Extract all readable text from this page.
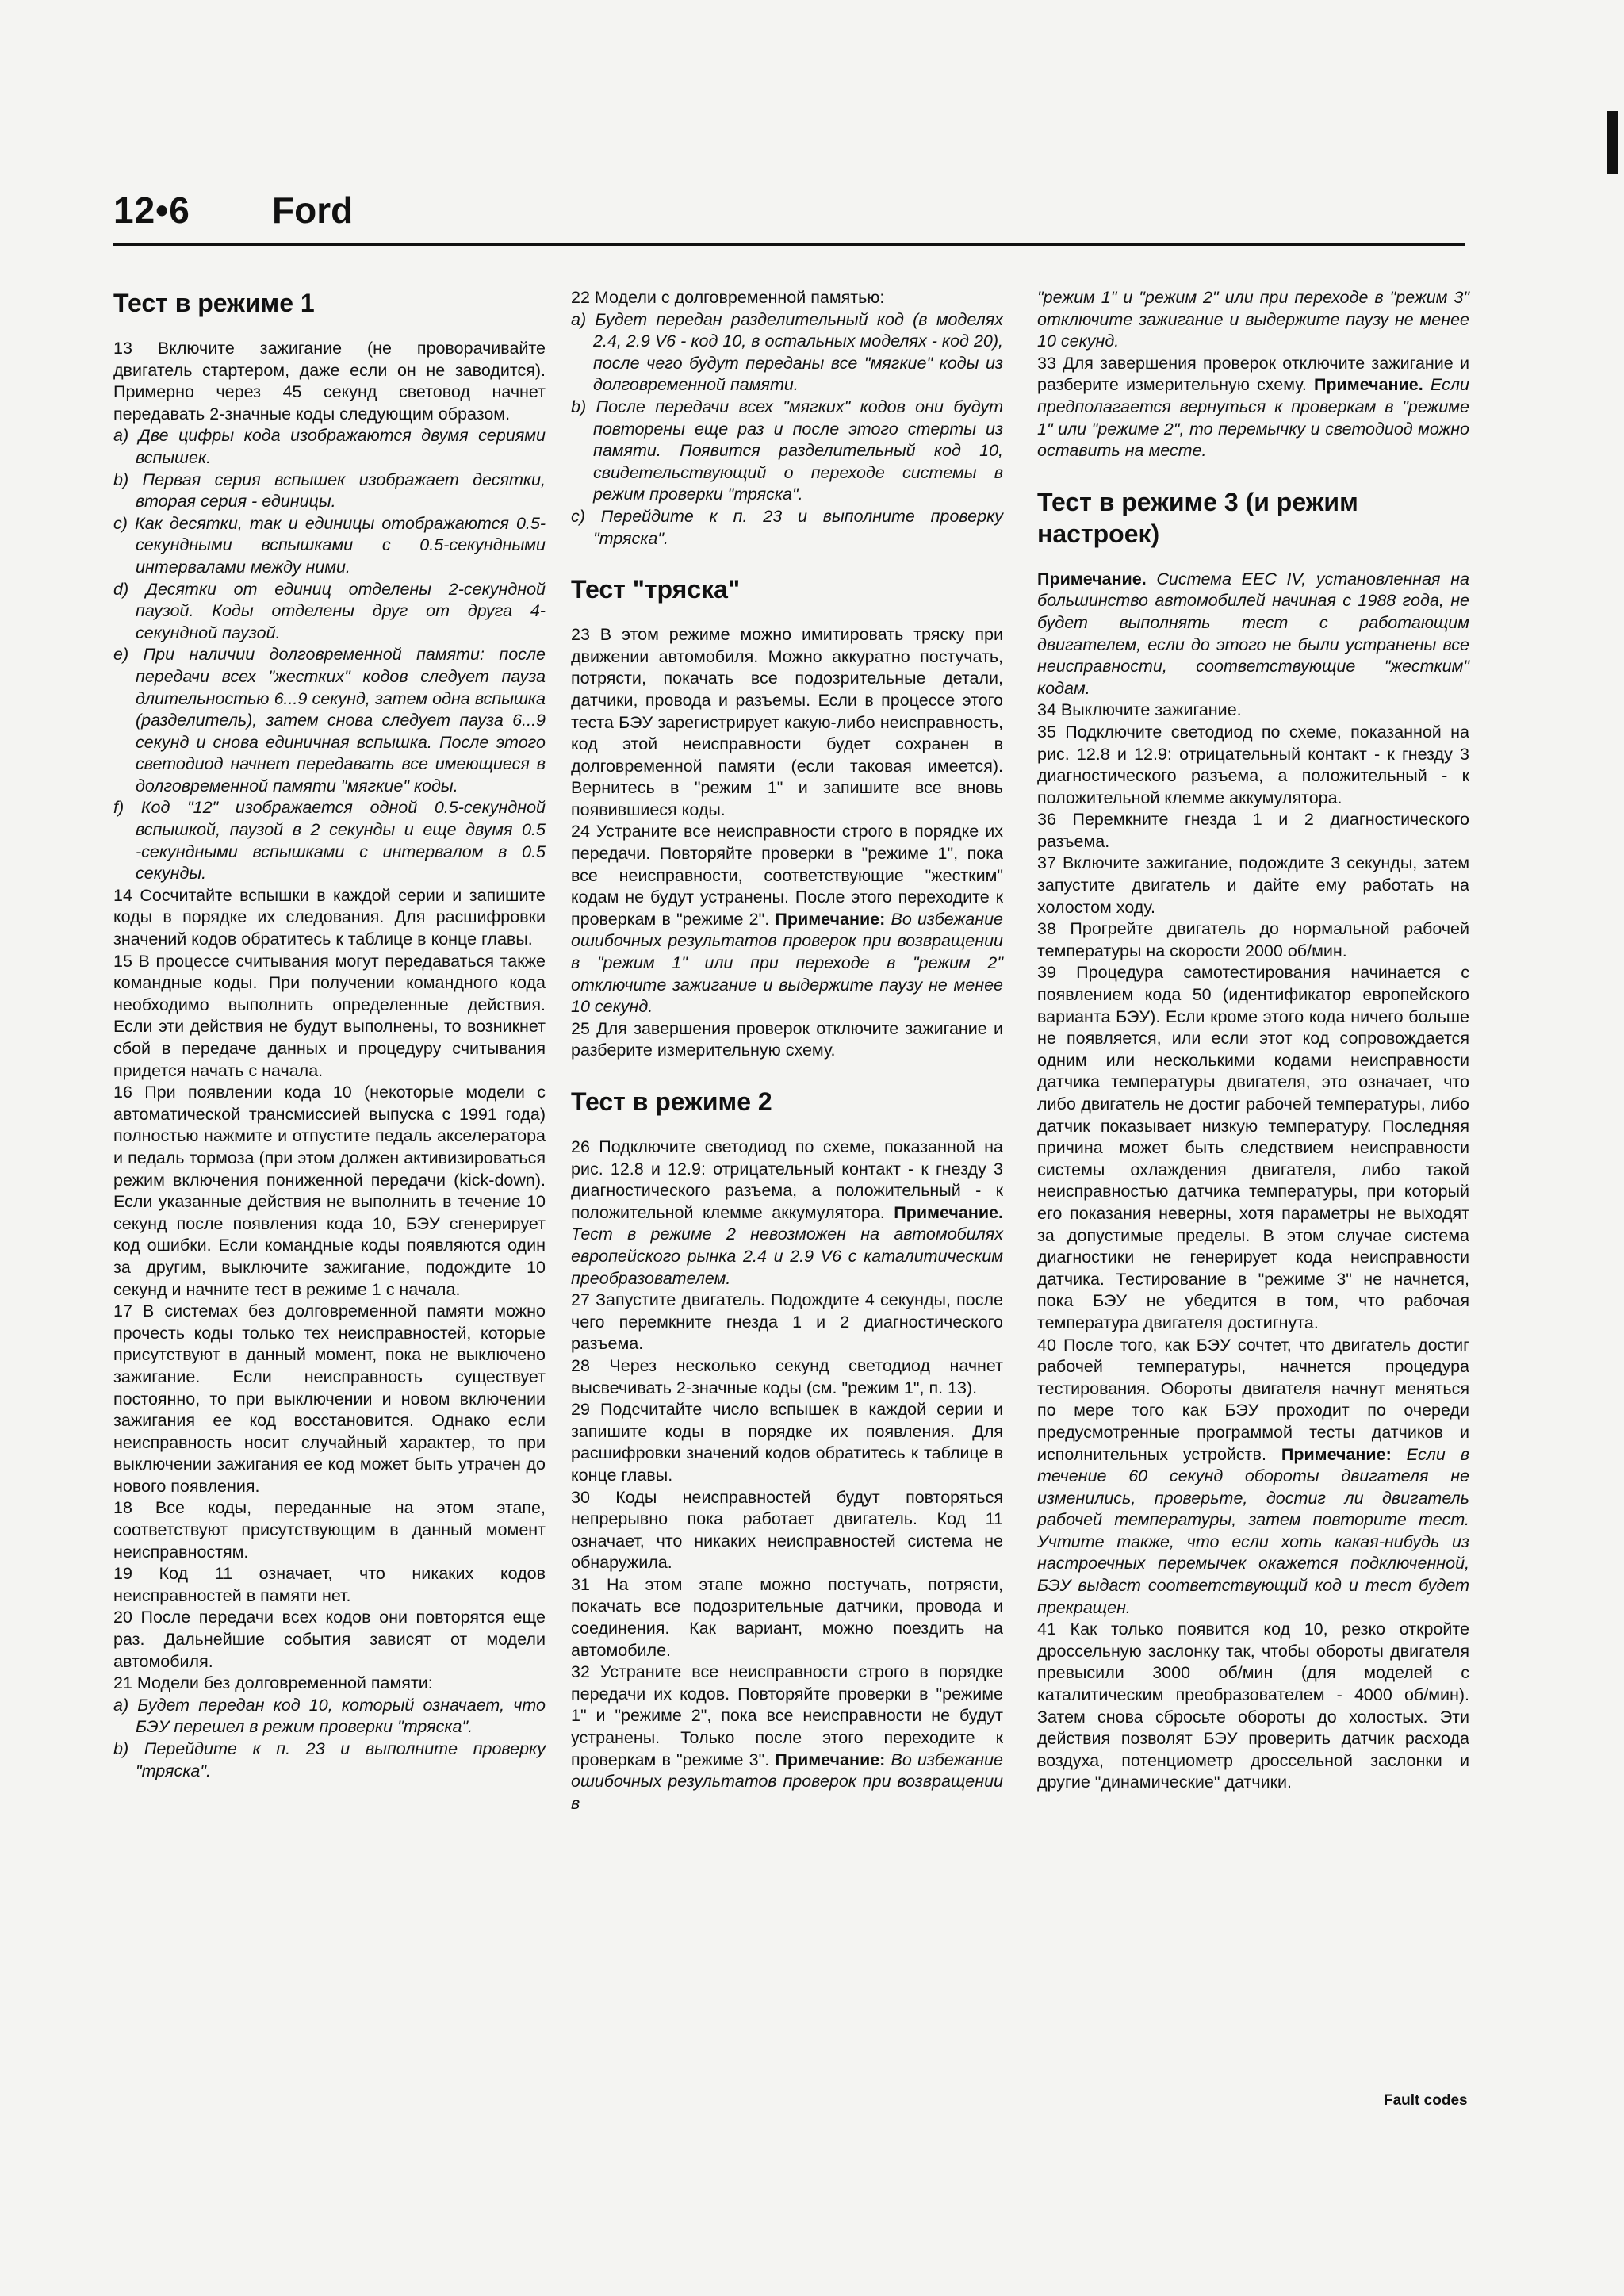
12•6 Ford
Тест в режиме 1

13 Включите зажигание (не проворачивайте двигатель стартером, даже если он не заводится). Примерно через 45 секунд световод начнет передавать 2-значные коды следующим образом.

a) Две цифры кода изображаются двумя сериями вспышек.

b) Первая серия вспышек изображает десятки, вторая серия - единицы.

c) Как десятки, так и единицы отображаются 0.5-секундными вспышками с 0.5-секундными интервалами между ними.

d) Десятки от единиц отделены 2-секундной паузой. Коды отделены друг от друга 4-секундной паузой.

e) При наличии долговременной памяти: после передачи всех "жестких" кодов следует пауза длительностью 6...9 секунд, затем одна вспышка (разделитель), затем снова следует пауза 6...9 секунд и снова единичная вспышка. После этого светодиод начнет передавать все имеющиеся в долговременной памяти "мягкие" коды.

f) Код "12" изображается одной 0.5-секундной вспышкой, паузой в 2 секунды и еще двумя 0.5 -секундными вспышками с интервалом в 0.5 секунды.

14 Сосчитайте вспышки в каждой серии и запишите коды в порядке их следования. Для расшифровки значений кодов обратитесь к таблице в конце главы.

15 В процессе считывания могут передаваться также командные коды. При получении командного кода необходимо выполнить определенные действия. Если эти действия не будут выполнены, то возникнет сбой в передаче данных и процедуру считывания придется начать с начала.

16 При появлении кода 10 (некоторые модели с автоматической трансмиссией выпуска с 1991 года) полностью нажмите и отпустите педаль акселератора и педаль тормоза (при этом должен активизироваться режим включения пониженной передачи (kick-down). Если указанные действия не выполнить в течение 10 секунд после появления кода 10, БЭУ сгенерирует код ошибки. Если командные коды появляются один за другим, выключите зажигание, подождите 10 секунд и начните тест в режиме 1 с начала.

17 В системах без долговременной памяти можно прочесть коды только тех неисправностей, которые присутствуют в данный момент, пока не выключено зажигание. Если неисправность существует постоянно, то при выключении и новом включении зажигания ее код восстановится. Однако если неисправность носит случайный характер, то при выключении зажигания ее код может быть утрачен до нового появления.

18 Все коды, переданные на этом этапе, соответствуют присутствующим в данный момент неисправностям.

19 Код 11 означает, что никаких кодов неисправностей в памяти нет.

20 После передачи всех кодов они повторятся еще раз. Дальнейшие события зависят от модели автомобиля.

21 Модели без долговременной памяти:

a) Будет передан код 10, который означает, что БЭУ перешел в режим проверки "тряска".

b) Перейдите к п. 23 и выполните проверку "тряска".

22 Модели с долговременной памятью:

a) Будет передан разделительный код (в моделях 2.4, 2.9 V6 - код 10, в остальных моделях - код 20), после чего будут переданы все "мягкие" коды из долговременной памяти.

b) После передачи всех "мягких" кодов они будут повторены еще раз и после этого стерты из памяти. Появится разделительный код 10, свидетельствующий о переходе системы в режим проверки "тряска".

c) Перейдите к п. 23 и выполните проверку "тряска".

Тест "тряска"

23 В этом режиме можно имитировать тряску при движении автомобиля. Можно аккуратно постучать, потрясти, покачать все подозрительные детали, датчики, провода и разъемы. Если в процессе этого теста БЭУ зарегистрирует какую-либо неисправность, код этой неисправности будет сохранен в долговременной памяти (если таковая имеется). Вернитесь в "режим 1" и запишите все вновь появившиеся коды.

24 Устраните все неисправности строго в порядке их передачи. Повторяйте проверки в "режиме 1", пока все неисправности, соответствующие "жестким" кодам не будут устранены. После этого переходите к проверкам в "режиме 2". Примечание: Во избежание ошибочных результатов проверок при возвращении в "режим 1" или при переходе в "режим 2" отключите зажигание и выдержите паузу не менее 10 секунд.

25 Для завершения проверок отключите зажигание и разберите измерительную схему.

Тест в режиме 2

26 Подключите светодиод по схеме, показанной на рис. 12.8 и 12.9: отрицательный контакт - к гнезду 3 диагностического разъема, а положительный - к положительной клемме аккумулятора. Примечание. Тест в режиме 2 невозможен на автомобилях европейского рынка 2.4 и 2.9 V6 с каталитическим преобразователем.

27 Запустите двигатель. Подождите 4 секунды, после чего перемкните гнезда 1 и 2 диагностического разъема.

28 Через несколько секунд светодиод начнет высвечивать 2-значные коды (см. "режим 1", п. 13).

29 Подсчитайте число вспышек в каждой серии и запишите коды в порядке их появления. Для расшифровки значений кодов обратитесь к таблице в конце главы.

30 Коды неисправностей будут повторяться непрерывно пока работает двигатель. Код 11 означает, что никаких неисправностей система не обнаружила.

31 На этом этапе можно постучать, потрясти, покачать все подозрительные датчики, провода и соединения. Как вариант, можно поездить на автомобиле.

32 Устраните все неисправности строго в порядке передачи их кодов. Повторяйте проверки в "режиме 1" и "режиме 2", пока все неисправности не будут устранены. Только после этого переходите к проверкам в "режиме 3". Примечание: Во избежание ошибочных результатов проверок при возвращении в

"режим 1" и "режим 2" или при переходе в "режим 3" отключите зажигание и выдержите паузу не менее 10 секунд.

33 Для завершения проверок отключите зажигание и разберите измерительную схему. Примечание. Если предполагается вернуться к проверкам в "режиме 1" или "режиме 2", то перемычку и светодиод можно оставить на месте.

Тест в режиме 3 (и режим настроек)

Примечание. Система EEC IV, установленная на большинство автомобилей начиная с 1988 года, не будет выполнять тест с работающим двигателем, если до этого не были устранены все неисправности, соответствующие "жестким" кодам.

34 Выключите зажигание.

35 Подключите светодиод по схеме, показанной на рис. 12.8 и 12.9: отрицательный контакт - к гнезду 3 диагностического разъема, а положительный - к положительной клемме аккумулятора.

36 Перемкните гнезда 1 и 2 диагностического разъема.

37 Включите зажигание, подождите 3 секунды, затем запустите двигатель и дайте ему работать на холостом ходу.

38 Прогрейте двигатель до нормальной рабочей температуры на скорости 2000 об/мин.

39 Процедура самотестирования начинается с появлением кода 50 (идентификатор европейского варианта БЭУ). Если кроме этого кода ничего больше не появляется, или если этот код сопровождается одним или несколькими кодами неисправности датчика температуры двигателя, это означает, что либо двигатель не достиг рабочей температуры, либо датчик показывает низкую температуру. Последняя причина может быть следствием неисправности системы охлаждения двигателя, либо такой неисправностью датчика температуры, при который его показания неверны, хотя параметры не выходят за допустимые пределы. В этом случае система диагностики не генерирует кода неисправности датчика. Тестирование в "режиме 3" не начнется, пока БЭУ не убедится в том, что рабочая температура двигателя достигнута.

40 После того, как БЭУ сочтет, что двигатель достиг рабочей температуры, начнется процедура тестирования. Обороты двигателя начнут меняться по мере того как БЭУ проходит по очереди предусмотренные программой тесты датчиков и исполнительных устройств. Примечание: Если в течение 60 секунд обороты двигателя не изменились, проверьте, достиг ли двигатель рабочей температуры, затем повторите тест. Учтите также, что если хоть какая-нибудь из настроечных перемычек окажется подключенной, БЭУ выдаст соответствующий код и тест будет прекращен.

41 Как только появится код 10, резко откройте дроссельную заслонку так, чтобы обороты двигателя превысили 3000 об/мин (для моделей с каталитическим преобразователем - 4000 об/мин). Затем снова сбросьте обороты до холостых. Эти действия позволят БЭУ проверить датчик расхода воздуха, потенциометр дроссельной заслонки и другие "динамические" датчики.

Fault codes
